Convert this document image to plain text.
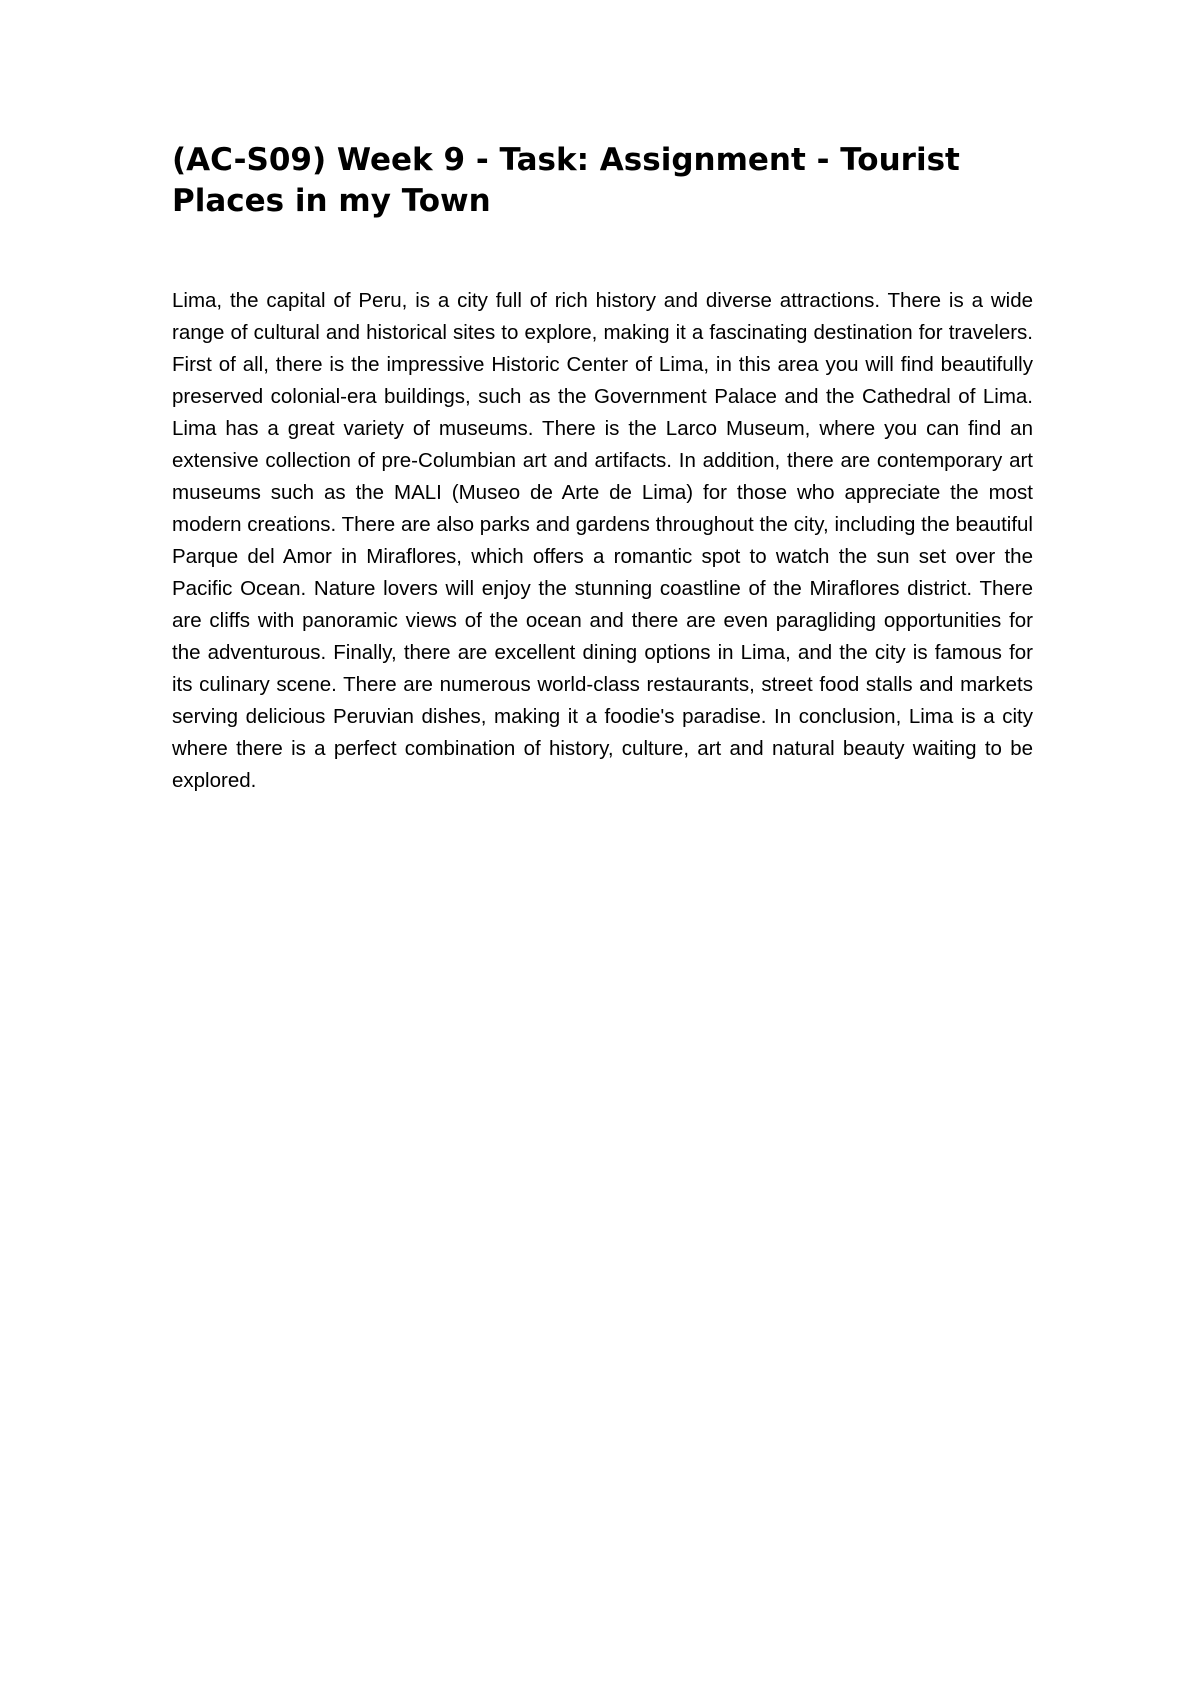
(AC-S09) Week 9 - Task: Assignment - Tourist Places in my Town

Lima, the capital of Peru, is a city full of rich history and diverse attractions. There is a wide range of cultural and historical sites to explore, making it a fascinating destination for travelers. First of all, there is the impressive Historic Center of Lima, in this area you will find beautifully preserved colonial-era buildings, such as the Government Palace and the Cathedral of Lima. Lima has a great variety of museums. There is the Larco Museum, where you can find an extensive collection of pre-Columbian art and artifacts. In addition, there are contemporary art museums such as the MALI (Museo de Arte de Lima) for those who appreciate the most modern creations. There are also parks and gardens throughout the city, including the beautiful Parque del Amor in Miraflores, which offers a romantic spot to watch the sun set over the Pacific Ocean. Nature lovers will enjoy the stunning coastline of the Miraflores district. There are cliffs with panoramic views of the ocean and there are even paragliding opportunities for the adventurous. Finally, there are excellent dining options in Lima, and the city is famous for its culinary scene. There are numerous world-class restaurants, street food stalls and markets serving delicious Peruvian dishes, making it a foodie's paradise. In conclusion, Lima is a city where there is a perfect combination of history, culture, art and natural beauty waiting to be explored.
